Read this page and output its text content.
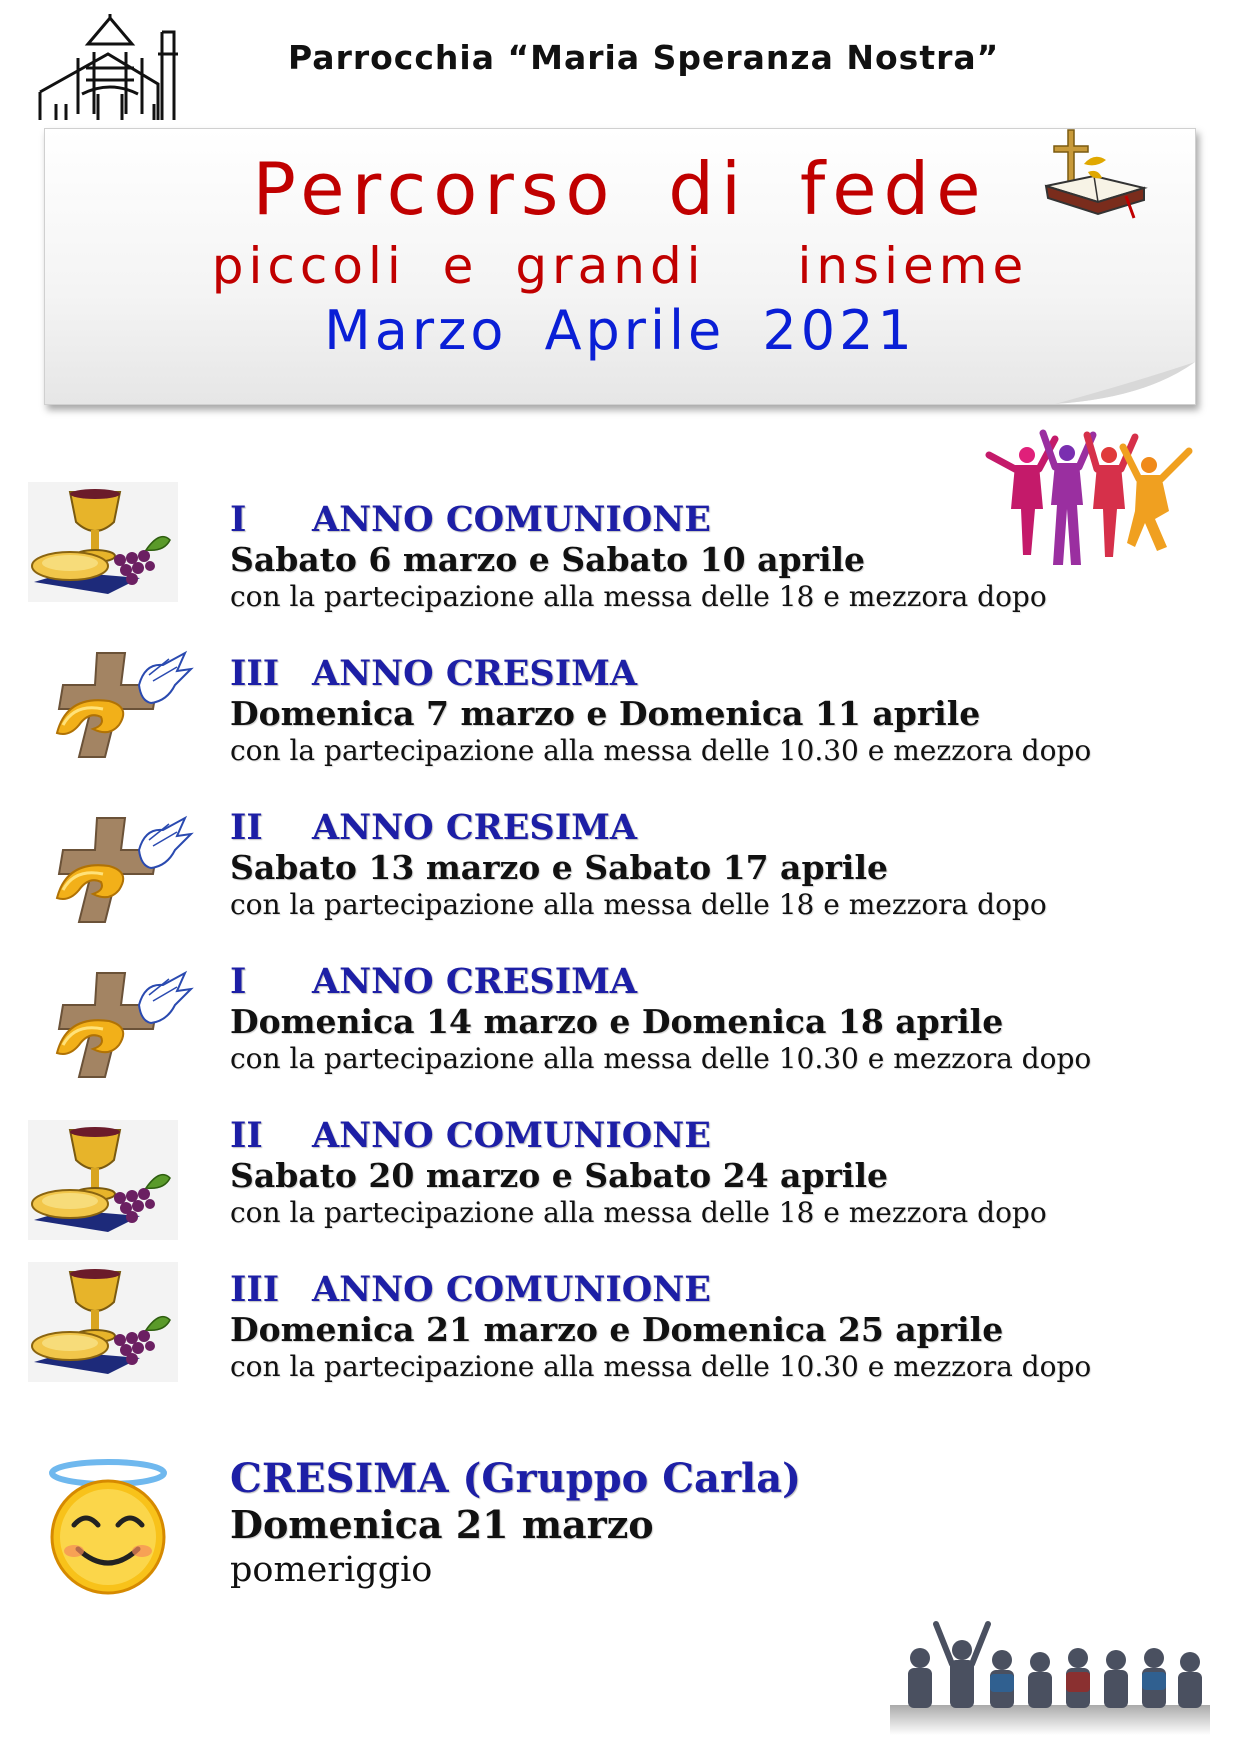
Parrocchia “Maria Speranza Nostra”
Percorso di fede
piccoli e grandi  insieme
Marzo Aprile 2021
I ANNO COMUNIONE
Sabato 6 marzo e Sabato 10 aprile
con la partecipazione alla messa delle 18 e mezzora dopo
III ANNO CRESIMA
Domenica 7 marzo e Domenica 11 aprile
con la partecipazione alla messa delle 10.30 e mezzora dopo
II ANNO CRESIMA
Sabato 13 marzo e Sabato 17 aprile
con la partecipazione alla messa delle 18 e mezzora dopo
I ANNO CRESIMA
Domenica 14 marzo e Domenica 18 aprile
con la partecipazione alla messa delle 10.30 e mezzora dopo
II ANNO COMUNIONE
Sabato 20 marzo e Sabato 24 aprile
con la partecipazione alla messa delle 18 e mezzora dopo
III ANNO COMUNIONE
Domenica 21 marzo e Domenica 25 aprile
con la partecipazione alla messa delle 10.30 e mezzora dopo
CRESIMA (Gruppo Carla)
Domenica 21 marzo
pomeriggio
